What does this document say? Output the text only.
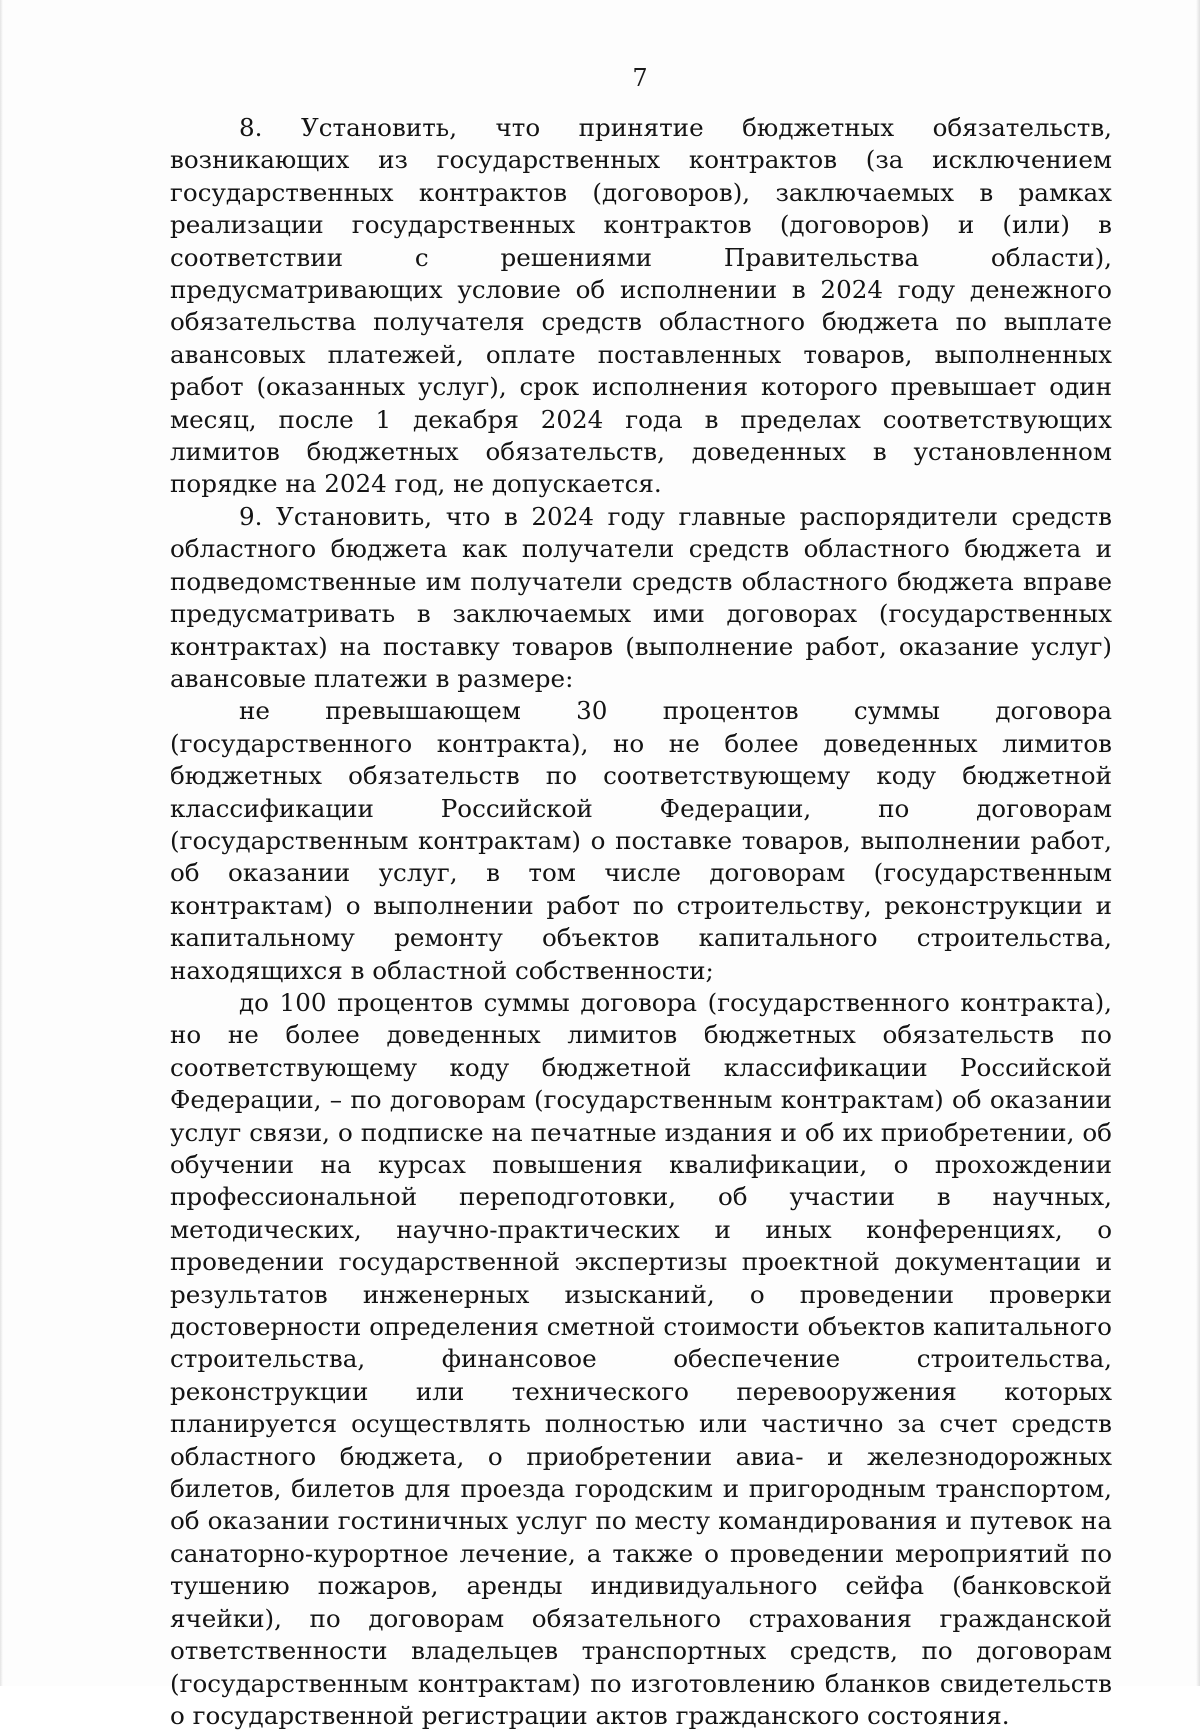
7

8. Установить, что принятие бюджетных обязательств, возникающих из государственных контрактов (за исключением государственных контрактов (договоров), заключаемых в рамках реализации государственных контрактов (договоров) и (или) в соответствии с решениями Правительства области), предусматривающих условие об исполнении в 2024 году денежного обязательства получателя средств областного бюджета по выплате авансовых платежей, оплате поставленных товаров, выполненных работ (оказанных услуг), срок исполнения которого превышает один месяц, после 1 декабря 2024 года в пределах соответствующих лимитов бюджетных обязательств, доведенных в установленном порядке на 2024 год, не допускается.

9. Установить, что в 2024 году главные распорядители средств областного бюджета как получатели средств областного бюджета и подведомственные им получатели средств областного бюджета вправе предусматривать в заключаемых ими договорах (государственных контрактах) на поставку товаров (выполнение работ, оказание услуг) авансовые платежи в размере:

не превышающем 30 процентов суммы договора (государственного контракта), но не более доведенных лимитов бюджетных обязательств по соответствующему коду бюджетной классификации Российской Федерации, по договорам (государственным контрактам) о поставке товаров, выполнении работ, об оказании услуг, в том числе договорам (государственным контрактам) о выполнении работ по строительству, реконструкции и капитальному ремонту объектов капитального строительства, находящихся в областной собственности;

до 100 процентов суммы договора (государственного контракта), но не более доведенных лимитов бюджетных обязательств по соответствующему коду бюджетной классификации Российской Федерации, – по договорам (государственным контрактам) об оказании услуг связи, о подписке на печатные издания и об их приобретении, об обучении на курсах повышения квалификации, о прохождении профессиональной переподготовки, об участии в научных, методических, научно-практических и иных конференциях, о проведении государственной экспертизы проектной документации и результатов инженерных изысканий, о проведении проверки достоверности определения сметной стоимости объектов капитального строительства, финансовое обеспечение строительства, реконструкции или технического перевооружения которых планируется осуществлять полностью или частично за счет средств областного бюджета, о приобретении авиа- и железнодорожных билетов, билетов для проезда городским и пригородным транспортом, об оказании гостиничных услуг по месту командирования и путевок на санаторно-курортное лечение, а также о проведении мероприятий по тушению пожаров, аренды индивидуального сейфа (банковской ячейки), по договорам обязательного страхования гражданской ответственности владельцев транспортных средств, по договорам (государственным контрактам) по изготовлению бланков свидетельств о государственной регистрации актов гражданского состояния.
